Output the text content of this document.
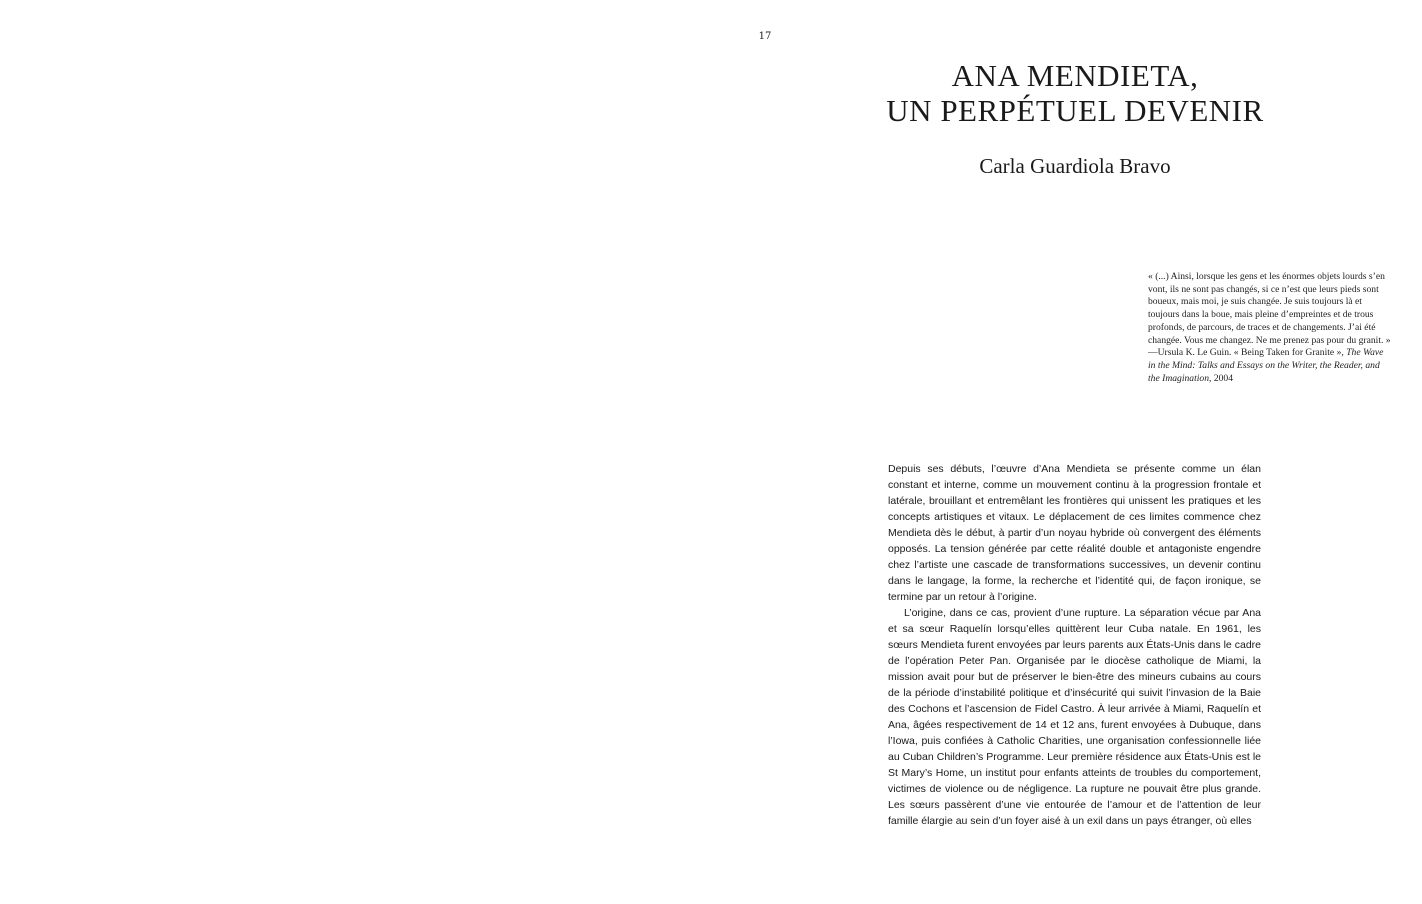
17
ANA MENDIETA,
UN PERPÉTUEL DEVENIR
Carla Guardiola Bravo
« (...) Ainsi, lorsque les gens et les énormes objets lourds s’en vont, ils ne sont pas changés, si ce n’est que leurs pieds sont boueux, mais moi, je suis changée. Je suis toujours là et toujours dans la boue, mais pleine d’empreintes et de trous profonds, de parcours, de traces et de changements. J’ai été changée. Vous me changez. Ne me prenez pas pour du granit. » —Ursula K. Le Guin. « Being Taken for Granite », The Wave in the Mind: Talks and Essays on the Writer, the Reader, and the Imagination, 2004

Depuis ses débuts, l’œuvre d’Ana Mendieta se présente comme un élan constant et interne, comme un mouvement continu à la progression frontale et latérale, brouillant et entremêlant les frontières qui unissent les pratiques et les concepts artistiques et vitaux. Le déplacement de ces limites commence chez Mendieta dès le début, à partir d’un noyau hybride où convergent des éléments opposés. La tension générée par cette réalité double et antagoniste engendre chez l’artiste une cascade de transformations successives, un devenir continu dans le langage, la forme, la recherche et l’identité qui, de façon ironique, se termine par un retour à l’origine.

L’origine, dans ce cas, provient d’une rupture. La séparation vécue par Ana et sa sœur Raquelín lorsqu’elles quittèrent leur Cuba natale. En 1961, les sœurs Mendieta furent envoyées par leurs parents aux États-Unis dans le cadre de l’opération Peter Pan. Organisée par le diocèse catholique de Miami, la mission avait pour but de préserver le bien-être des mineurs cubains au cours de la période d’instabilité politique et d’insécurité qui suivit l’invasion de la Baie des Cochons et l’ascension de Fidel Castro. À leur arrivée à Miami, Raquelín et Ana, âgées respectivement de 14 et 12 ans, furent envoyées à Dubuque, dans l’Iowa, puis confiées à Catholic Charities, une organisation confessionnelle liée au Cuban Children’s Programme. Leur première résidence aux États-Unis est le St Mary’s Home, un institut pour enfants atteints de troubles du comportement, victimes de violence ou de négligence. La rupture ne pouvait être plus grande. Les sœurs passèrent d’une vie entourée de l’amour et de l’attention de leur famille élargie au sein d’un foyer aisé à un exil dans un pays étranger, où elles
